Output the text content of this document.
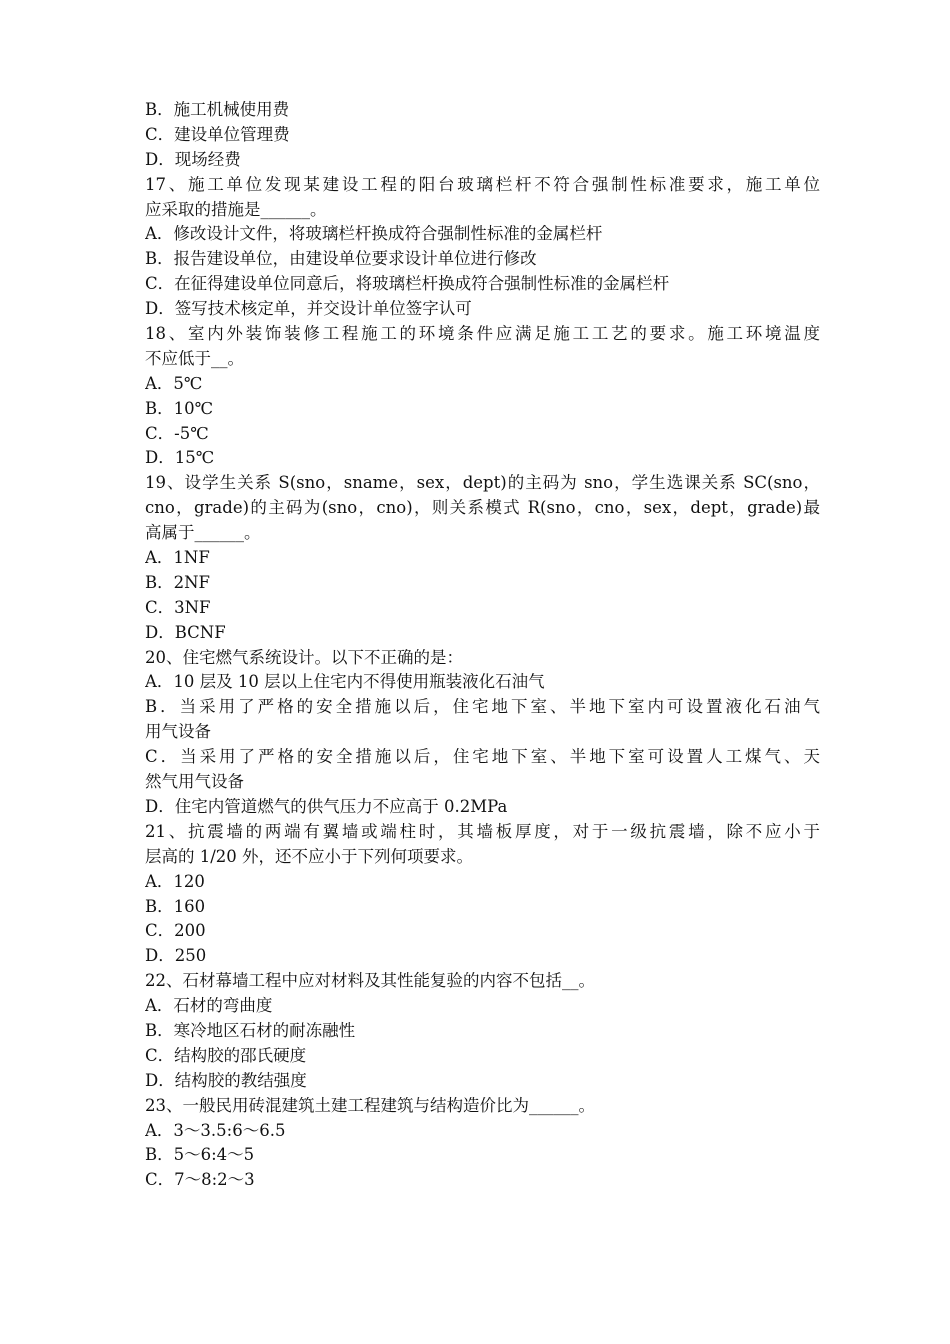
B．施工机械使用费
C．建设单位管理费
D．现场经费
17、施工单位发现某建设工程的阳台玻璃栏杆不符合强制性标准要求，施工单位
应采取的措施是______。
A．修改设计文件，将玻璃栏杆换成符合强制性标准的金属栏杆
B．报告建设单位，由建设单位要求设计单位进行修改
C．在征得建设单位同意后，将玻璃栏杆换成符合强制性标准的金属栏杆
D．签写技术核定单，并交设计单位签字认可
18、室内外装饰装修工程施工的环境条件应满足施工工艺的要求。施工环境温度
不应低于__。
A．5℃
B．10℃
C．-5℃
D．15℃
19、设学生关系 S(sno，sname，sex，dept)的主码为 sno，学生选课关系 SC(sno，
cno，grade)的主码为(sno，cno)，则关系模式 R(sno，cno，sex，dept，grade)最
高属于______。
A．1NF
B．2NF
C．3NF
D．BCNF
20、住宅燃气系统设计。以下不正确的是：
A．10 层及 10 层以上住宅内不得使用瓶装液化石油气
B．当采用了严格的安全措施以后，住宅地下室、半地下室内可设置液化石油气
用气设备
C．当采用了严格的安全措施以后，住宅地下室、半地下室可设置人工煤气、天
然气用气设备
D．住宅内管道燃气的供气压力不应高于 0.2MPa
21、抗震墙的两端有翼墙或端柱时，其墙板厚度，对于一级抗震墙，除不应小于
层高的 1/20 外，还不应小于下列何项要求。
A．120
B．160
C．200
D．250
22、石材幕墙工程中应对材料及其性能复验的内容不包括__。
A．石材的弯曲度
B．寒冷地区石材的耐冻融性
C．结构胶的邵氏硬度
D．结构胶的教结强度
23、一般民用砖混建筑土建工程建筑与结构造价比为______。
A．3～3.5:6～6.5
B．5～6:4～5
C．7～8:2～3
